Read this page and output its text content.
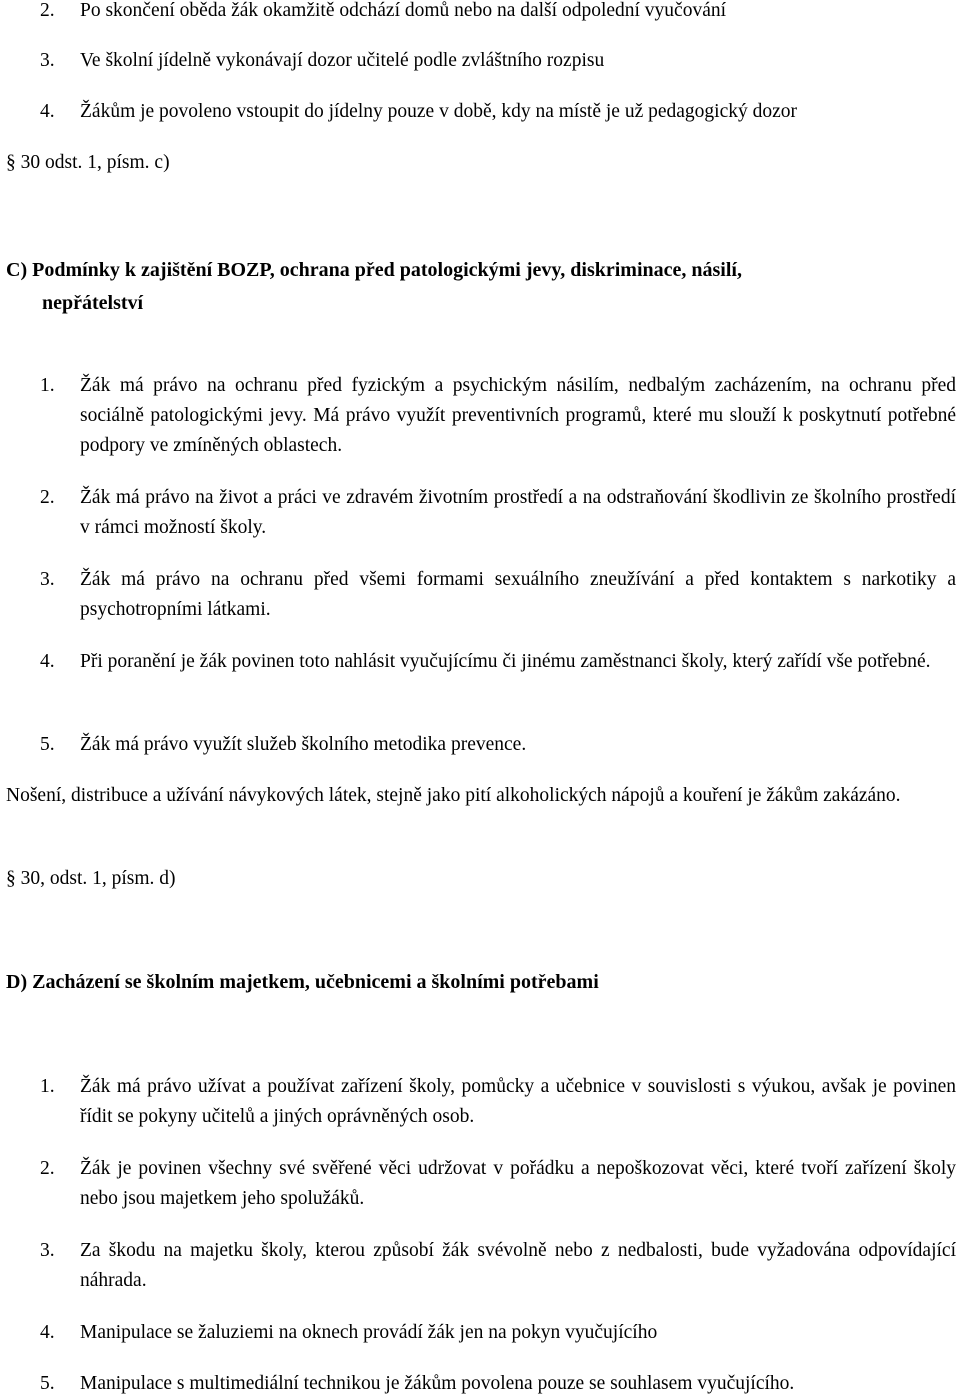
2.	Po skončení oběda žák okamžitě odchází domů nebo na další odpolední vyučování
3.	Ve školní jídelně vykonávají dozor učitelé podle zvláštního rozpisu
4.	Žákům je povoleno vstoupit do jídelny pouze v době, kdy na místě je už pedagogický dozor
§ 30 odst. 1, písm. c)
C) Podmínky k zajištění BOZP, ochrana před patologickými jevy, diskriminace, násilí,
nepřátelství
1.	Žák má právo na ochranu před fyzickým a psychickým násilím, nedbalým zacházením, na ochranu před sociálně patologickými jevy. Má právo využít preventivních programů, které mu slouží k poskytnutí potřebné podpory ve zmíněných oblastech.
2.	Žák má právo na život a práci ve zdravém životním prostředí a na odstraňování škodlivin ze školního prostředí v rámci možností školy.
3.	Žák má právo na ochranu před všemi formami sexuálního zneužívání a před kontaktem s narkotiky a psychotropními látkami.
4.	Při poranění je žák povinen toto nahlásit vyučujícímu či jinému zaměstnanci školy, který zařídí vše potřebné.
5.	Žák má právo využít služeb školního metodika prevence.
Nošení, distribuce a užívání návykových látek, stejně jako pití alkoholických nápojů a kouření je žákům zakázáno.
§ 30, odst. 1, písm. d)
D) Zacházení se školním majetkem, učebnicemi a školními potřebami
1.	Žák má právo užívat a používat zařízení školy, pomůcky a učebnice v souvislosti s výukou, avšak je povinen řídit se pokyny učitelů a jiných oprávněných osob.
2.	Žák je povinen všechny své svěřené věci udržovat v pořádku a nepoškozovat věci, které tvoří zařízení školy nebo jsou majetkem jeho spolužáků.
3.	Za škodu na majetku školy, kterou způsobí žák svévolně nebo z nedbalosti, bude vyžadována odpovídající náhrada.
4.	Manipulace se žaluziemi na oknech provádí žák jen na pokyn vyučujícího
5.	Manipulace s multimediální technikou je žákům povolena pouze se souhlasem vyučujícího.
